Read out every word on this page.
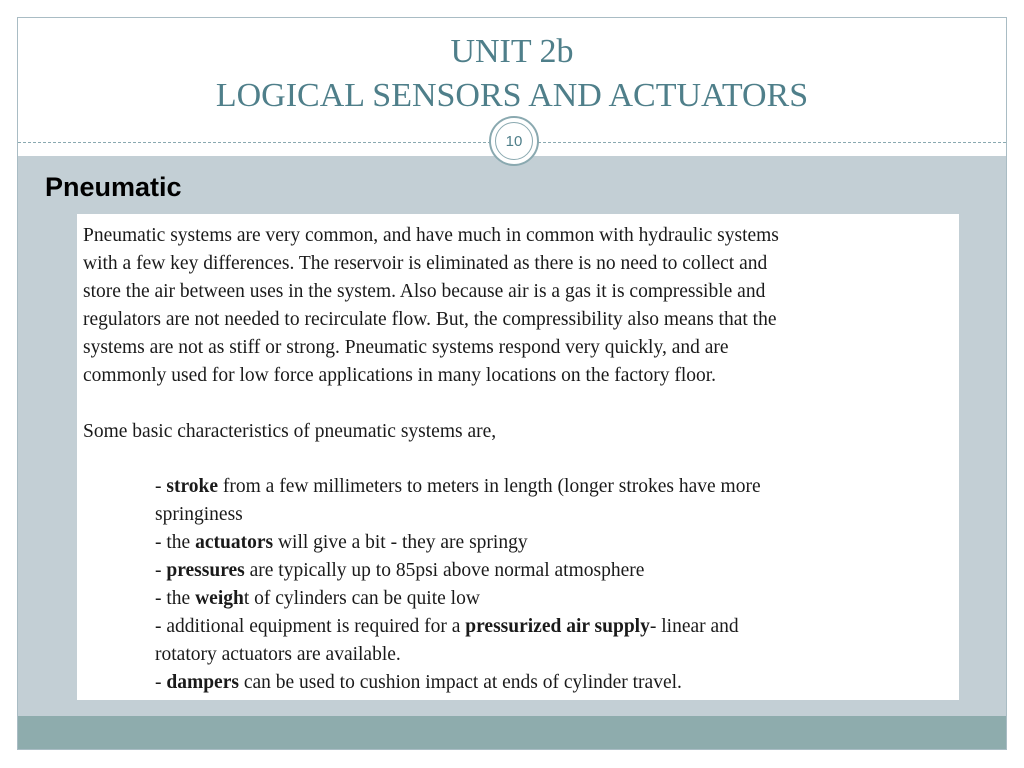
UNIT 2b
LOGICAL SENSORS AND ACTUATORS
10
Pneumatic

Pneumatic systems are very common, and have much in common with hydraulic systems

with a few key differences. The reservoir is eliminated as there is no need to collect and

store the air between uses in the system. Also because air is a gas it is compressible and

regulators are not needed to recirculate flow. But, the compressibility also means that the

systems are not as stiff or strong. Pneumatic systems respond very quickly, and are

commonly used for low force applications in many locations on the factory floor.

Some basic characteristics of pneumatic systems are,
- stroke from a few millimeters to meters in length (longer strokes have more
springiness
- the actuators will give a bit - they are springy
- pressures are typically up to 85psi above normal atmosphere
- the weight of cylinders can be quite low
- additional equipment is required for a pressurized air supply- linear and
rotatory actuators are available.
- dampers can be used to cushion impact at ends of cylinder travel.
